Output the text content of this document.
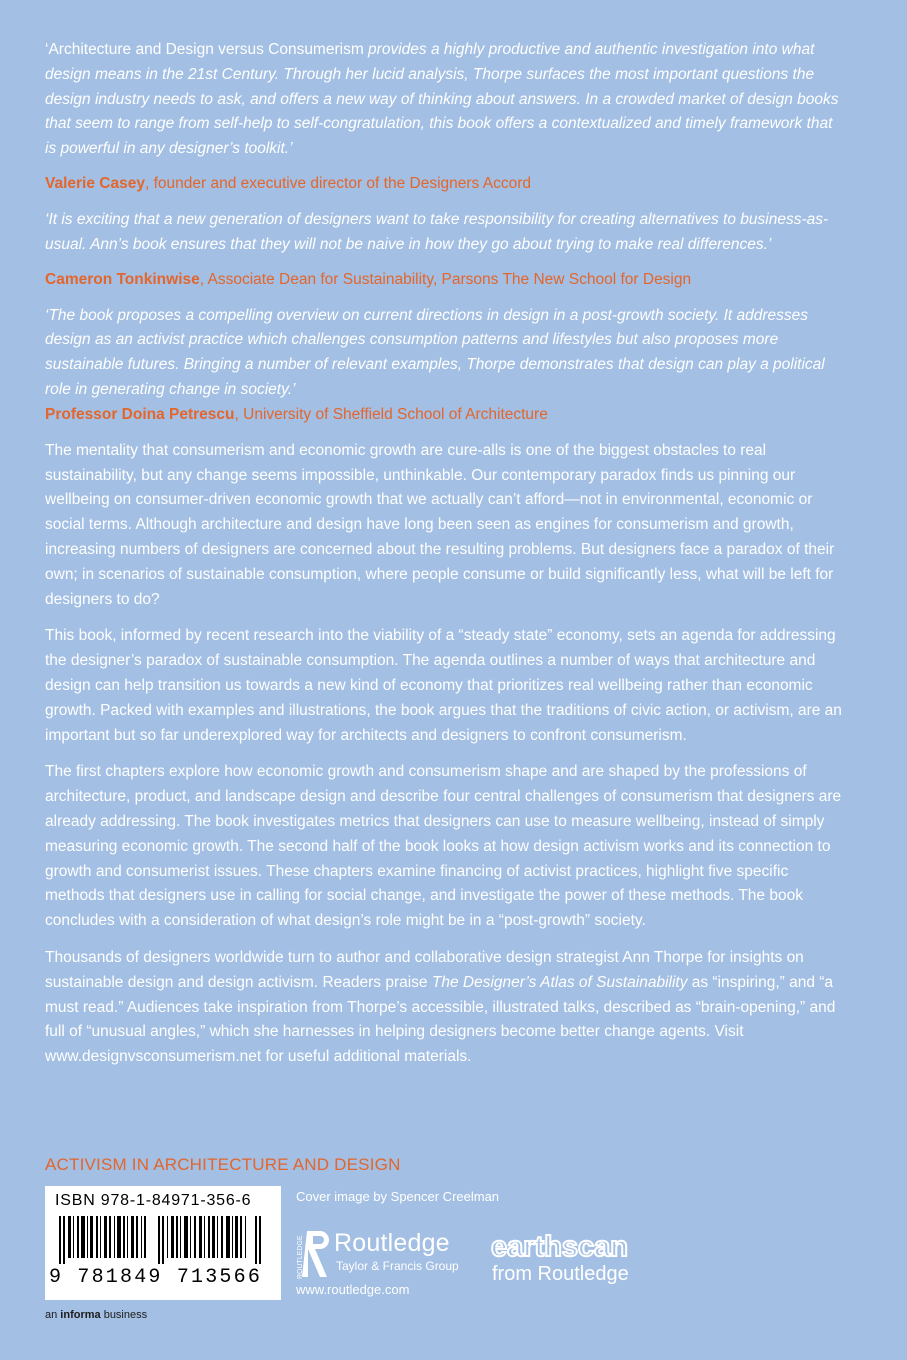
‘Architecture and Design versus Consumerism provides a highly productive and authentic investigation into what design means in the 21st Century. Through her lucid analysis, Thorpe surfaces the most important questions the design industry needs to ask, and offers a new way of thinking about answers. In a crowded market of design books that seem to range from self-help to self-congratulation, this book offers a contextualized and timely framework that is powerful in any designer’s toolkit.’

Valerie Casey, founder and executive director of the Designers Accord

‘It is exciting that a new generation of designers want to take responsibility for creating alternatives to business-as-usual. Ann’s book ensures that they will not be naive in how they go about trying to make real differences.’

Cameron Tonkinwise, Associate Dean for Sustainability, Parsons The New School for Design

‘The book proposes a compelling overview on current directions in design in a post-growth society. It addresses design as an activist practice which challenges consumption patterns and lifestyles but also proposes more sustainable futures. Bringing a number of relevant examples, Thorpe demonstrates that design can play a political role in generating change in society.’

Professor Doina Petrescu, University of Sheffield School of Architecture

The mentality that consumerism and economic growth are cure-alls is one of the biggest obstacles to real sustainability, but any change seems impossible, unthinkable. Our contemporary paradox finds us pinning our wellbeing on consumer-driven economic growth that we actually can’t afford—not in environmental, economic or social terms. Although architecture and design have long been seen as engines for consumerism and growth, increasing numbers of designers are concerned about the resulting problems. But designers face a paradox of their own; in scenarios of sustainable consumption, where people consume or build significantly less, what will be left for designers to do?

This book, informed by recent research into the viability of a “steady state” economy, sets an agenda for addressing the designer’s paradox of sustainable consumption. The agenda outlines a number of ways that architecture and design can help transition us towards a new kind of economy that prioritizes real wellbeing rather than economic growth. Packed with examples and illustrations, the book argues that the traditions of civic action, or activism, are an important but so far underexplored way for architects and designers to confront consumerism.

The first chapters explore how economic growth and consumerism shape and are shaped by the professions of architecture, product, and landscape design and describe four central challenges of consumerism that designers are already addressing. The book investigates metrics that designers can use to measure wellbeing, instead of simply measuring economic growth. The second half of the book looks at how design activism works and its connection to growth and consumerist issues. These chapters examine financing of activist practices, highlight five specific methods that designers use in calling for social change, and investigate the power of these methods. The book concludes with a consideration of what design’s role might be in a “post-growth” society.

Thousands of designers worldwide turn to author and collaborative design strategist Ann Thorpe for insights on sustainable design and design activism. Readers praise The Designer’s Atlas of Sustainability as “inspiring,” and “a must read.” Audiences take inspiration from Thorpe’s accessible, illustrated talks, described as “brain-opening,” and full of “unusual angles,” which she harnesses in helping designers become better change agents. Visit www.designvsconsumerism.net for useful additional materials.

ACTIVISM IN ARCHITECTURE AND DESIGN
ISBN 978-1-84971-356-6
9 781849 713566
an informa business
Cover image by Spencer Creelman
ROUTLEDGE Routledge
Taylor & Francis Group
www.routledge.com
earthscan
from Routledge
